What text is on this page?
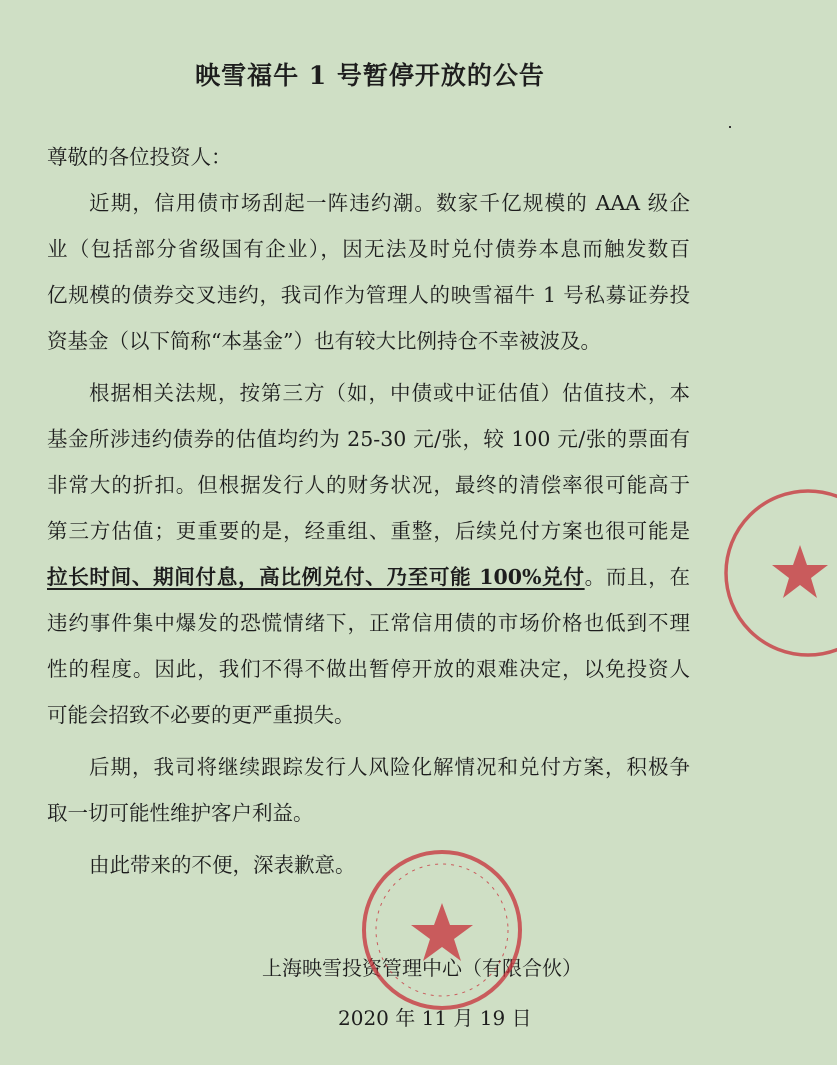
映雪福牛 1 号暂停开放的公告
尊敬的各位投资人：
近期，信用债市场刮起一阵违约潮。数家千亿规模的 AAA 级企
业（包括部分省级国有企业），因无法及时兑付债券本息而触发数百
亿规模的债券交叉违约，我司作为管理人的映雪福牛 1 号私募证券投
资基金（以下简称“本基金”）也有较大比例持仓不幸被波及。
根据相关法规，按第三方（如，中债或中证估值）估值技术，本
基金所涉违约债券的估值均约为 25-30 元/张，较 100 元/张的票面有
非常大的折扣。但根据发行人的财务状况，最终的清偿率很可能高于
第三方估值；更重要的是，经重组、重整，后续兑付方案也很可能是
拉长时间、期间付息，高比例兑付、乃至可能 100%兑付。而且，在
违约事件集中爆发的恐慌情绪下，正常信用债的市场价格也低到不理
性的程度。因此，我们不得不做出暂停开放的艰难决定，以免投资人
可能会招致不必要的更严重损失。
后期，我司将继续跟踪发行人风险化解情况和兑付方案，积极争
取一切可能性维护客户利益。
由此带来的不便，深表歉意。
上海映雪投资管理中心（有限合伙）
2020 年 11 月 19 日
